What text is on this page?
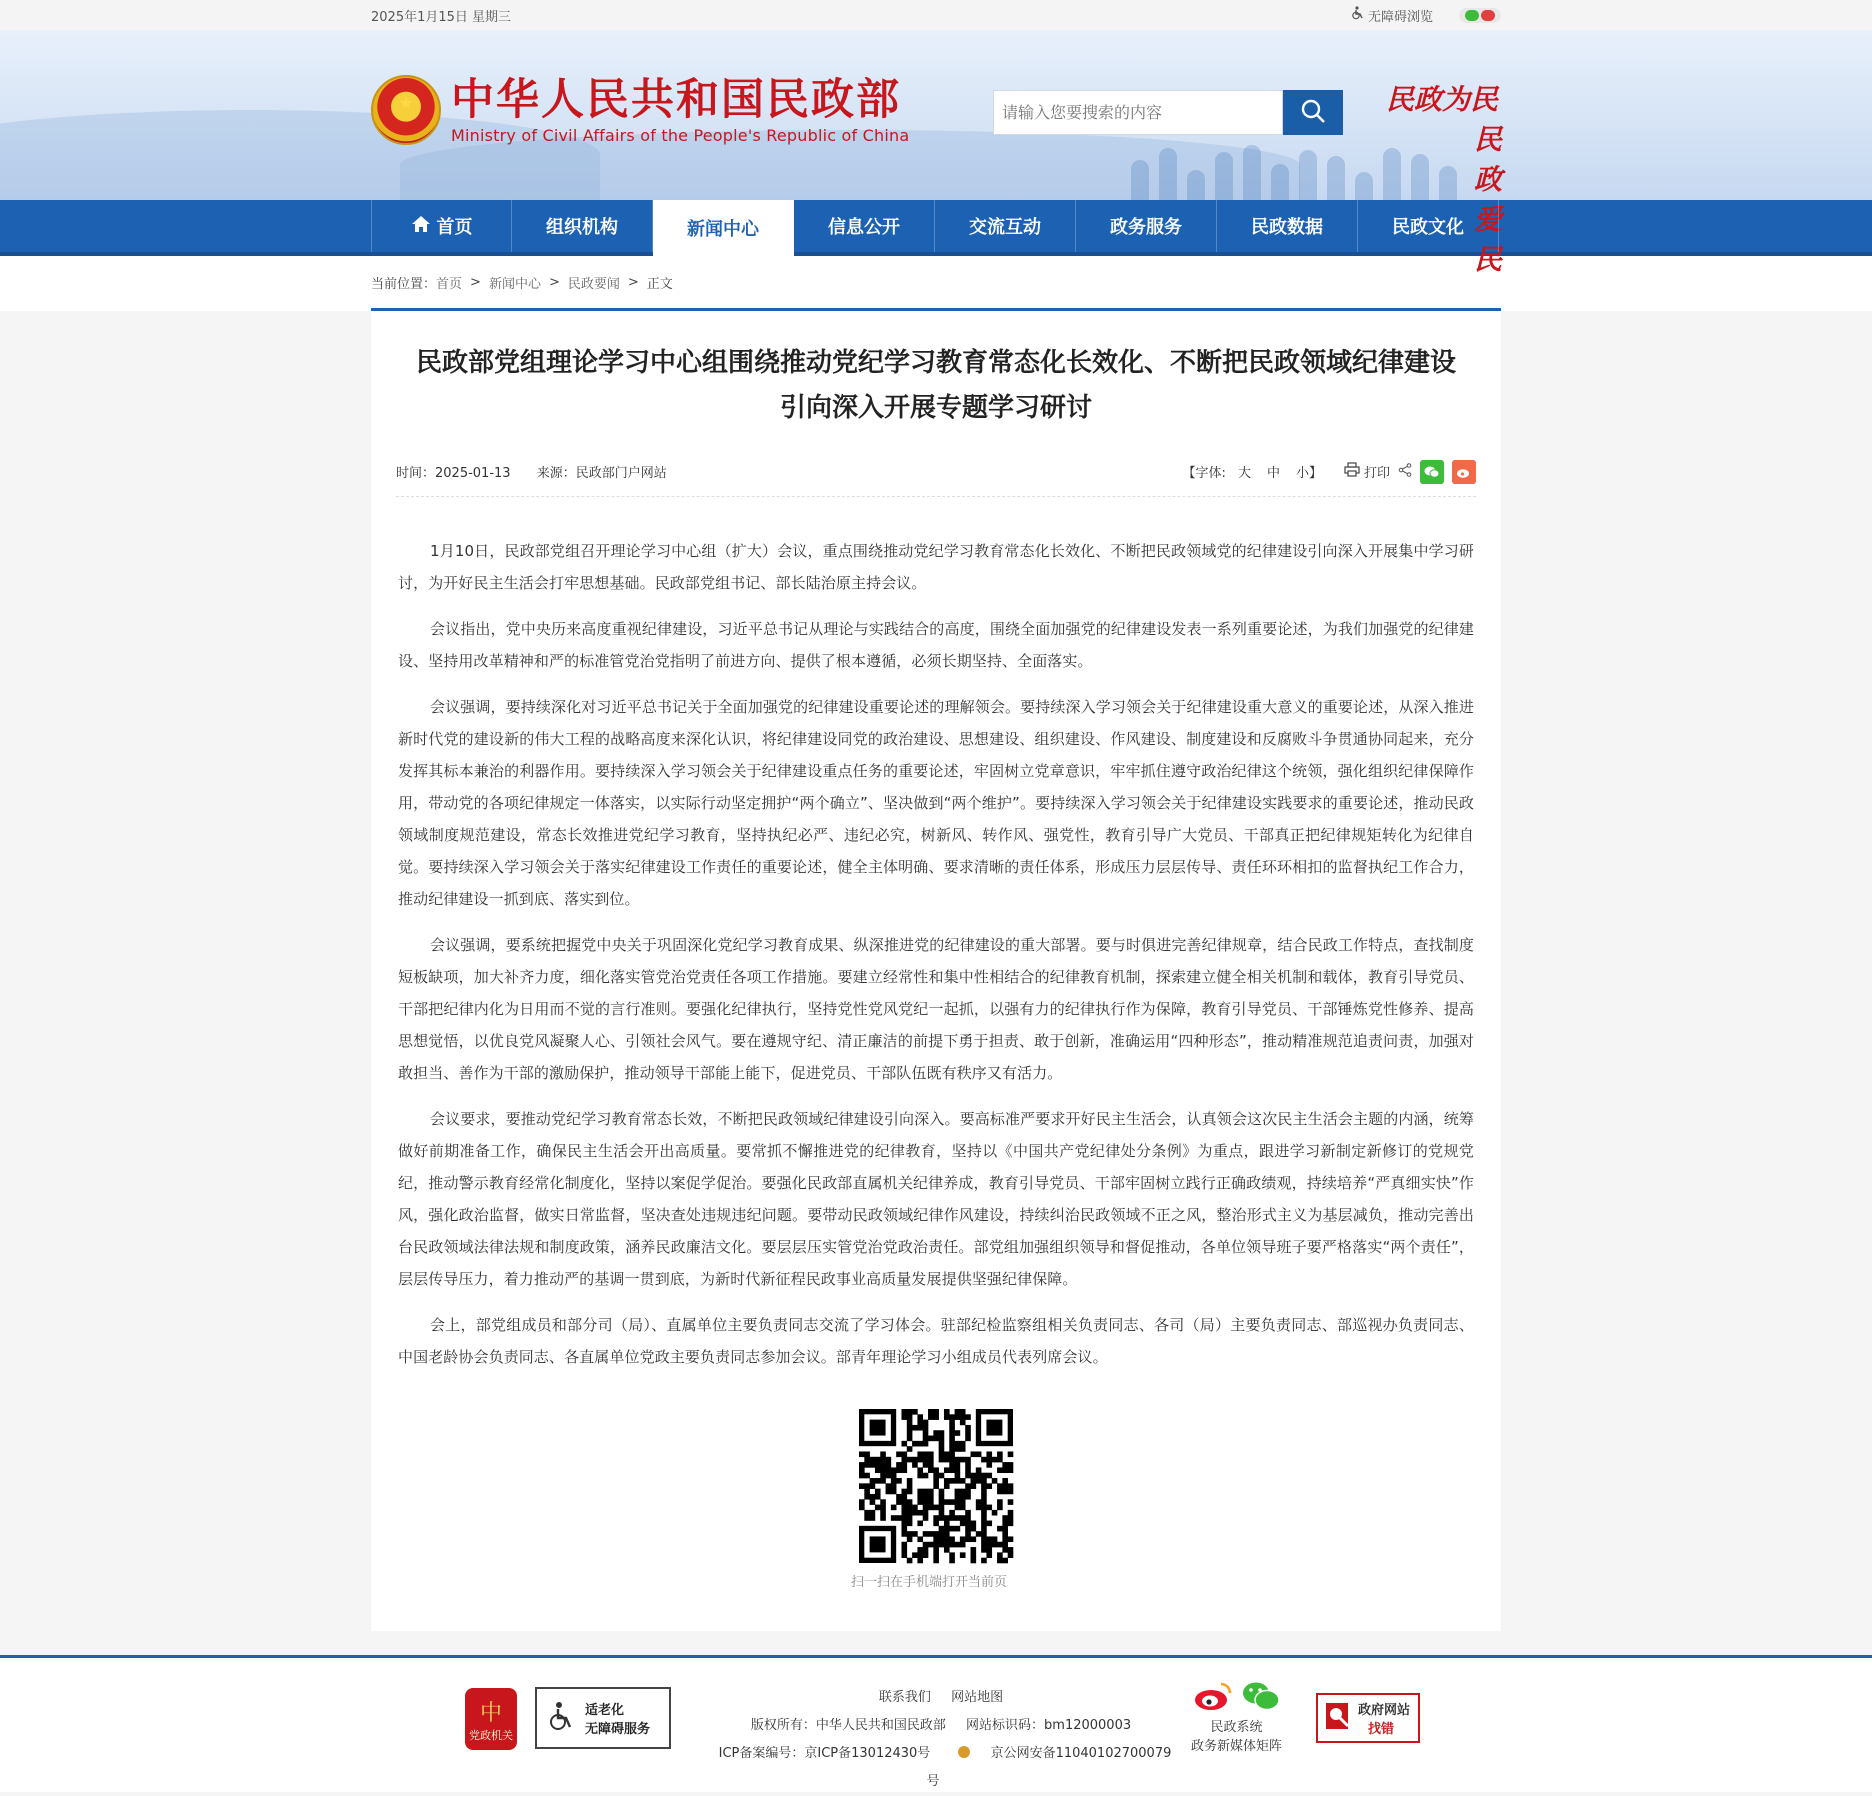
2025年1月15日 星期三	无障碍浏览
★
中华人民共和国民政部
Ministry of Civil Affairs of the People's Republic of China
请输入您要搜索的内容
民政为民
民政爱民
首页	组织机构	新闻中心	信息公开	交流互动	政务服务	民政数据	民政文化
当前位置： 首页 > 新闻中心 > 民政要闻 > 正文
民政部党组理论学习中心组围绕推动党纪学习教育常态化长效化、不断把民政领域纪律建设引向深入开展专题学习研讨
时间：2025-01-13 来源：民政部门户网站	【字体: 大 中 小】	打印

1月10日，民政部党组召开理论学习中心组（扩大）会议，重点围绕推动党纪学习教育常态化长效化、不断把民政领域党的纪律建设引向深入开展集中学习研讨，为开好民主生活会打牢思想基础。民政部党组书记、部长陆治原主持会议。

会议指出，党中央历来高度重视纪律建设，习近平总书记从理论与实践结合的高度，围绕全面加强党的纪律建设发表一系列重要论述，为我们加强党的纪律建设、坚持用改革精神和严的标准管党治党指明了前进方向、提供了根本遵循，必须长期坚持、全面落实。

会议强调，要持续深化对习近平总书记关于全面加强党的纪律建设重要论述的理解领会。要持续深入学习领会关于纪律建设重大意义的重要论述，从深入推进新时代党的建设新的伟大工程的战略高度来深化认识，将纪律建设同党的政治建设、思想建设、组织建设、作风建设、制度建设和反腐败斗争贯通协同起来，充分发挥其标本兼治的利器作用。要持续深入学习领会关于纪律建设重点任务的重要论述，牢固树立党章意识，牢牢抓住遵守政治纪律这个统领，强化组织纪律保障作用，带动党的各项纪律规定一体落实，以实际行动坚定拥护“两个确立”、坚决做到“两个维护”。要持续深入学习领会关于纪律建设实践要求的重要论述，推动民政领域制度规范建设，常态长效推进党纪学习教育，坚持执纪必严、违纪必究，树新风、转作风、强党性，教育引导广大党员、干部真正把纪律规矩转化为纪律自觉。要持续深入学习领会关于落实纪律建设工作责任的重要论述，健全主体明确、要求清晰的责任体系，形成压力层层传导、责任环环相扣的监督执纪工作合力，推动纪律建设一抓到底、落实到位。

会议强调，要系统把握党中央关于巩固深化党纪学习教育成果、纵深推进党的纪律建设的重大部署。要与时俱进完善纪律规章，结合民政工作特点，查找制度短板缺项，加大补齐力度，细化落实管党治党责任各项工作措施。要建立经常性和集中性相结合的纪律教育机制，探索建立健全相关机制和载体，教育引导党员、干部把纪律内化为日用而不觉的言行准则。要强化纪律执行，坚持党性党风党纪一起抓，以强有力的纪律执行作为保障，教育引导党员、干部锤炼党性修养、提高思想觉悟，以优良党风凝聚人心、引领社会风气。要在遵规守纪、清正廉洁的前提下勇于担责、敢于创新，准确运用“四种形态”，推动精准规范追责问责，加强对敢担当、善作为干部的激励保护，推动领导干部能上能下，促进党员、干部队伍既有秩序又有活力。

会议要求，要推动党纪学习教育常态长效，不断把民政领域纪律建设引向深入。要高标准严要求开好民主生活会，认真领会这次民主生活会主题的内涵，统筹做好前期准备工作，确保民主生活会开出高质量。要常抓不懈推进党的纪律教育，坚持以《中国共产党纪律处分条例》为重点，跟进学习新制定新修订的党规党纪，推动警示教育经常化制度化，坚持以案促学促治。要强化民政部直属机关纪律养成，教育引导党员、干部牢固树立践行正确政绩观，持续培养“严真细实快”作风，强化政治监督，做实日常监督，坚决查处违规违纪问题。要带动民政领域纪律作风建设，持续纠治民政领域不正之风，整治形式主义为基层减负，推动完善出台民政领域法律法规和制度政策，涵养民政廉洁文化。要层层压实管党治党政治责任。部党组加强组织领导和督促推动，各单位领导班子要严格落实“两个责任”，层层传导压力，着力推动严的基调一贯到底，为新时代新征程民政事业高质量发展提供坚强纪律保障。

会上，部党组成员和部分司（局）、直属单位主要负责同志交流了学习体会。驻部纪检监察组相关负责同志、各司（局）主要负责同志、部巡视办负责同志、中国老龄协会负责同志、各直属单位党政主要负责同志参加会议。部青年理论学习小组成员代表列席会议。

扫一扫在手机端打开当前页
中
党政机关
适老化
无障碍服务
联系我们 网站地图
版权所有：中华人民共和国民政部 网站标识码：bm12000003
ICP备案编号：京ICP备13012430号	京公网安备11040102700079号
民政系统
政务新媒体矩阵
政府网站
找错
